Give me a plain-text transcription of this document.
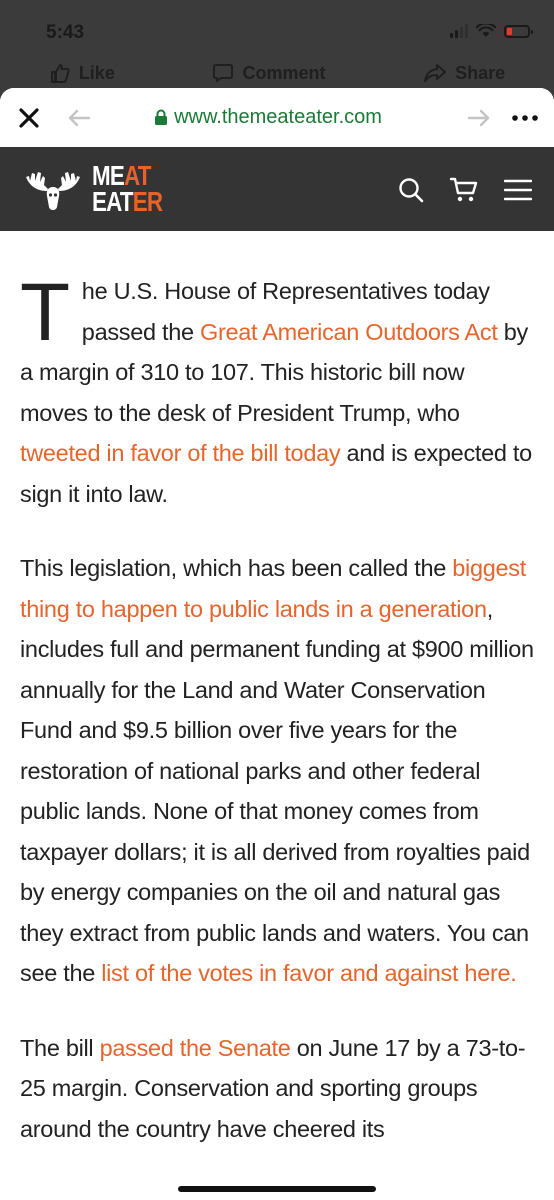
5:43
Like	Comment	Share
www.themeateater.com
MEAT
EATER

The U.S. House of Representatives today passed the Great American Outdoors Act by a margin of 310 to 107. This historic bill now moves to the desk of President Trump, who tweeted in favor of the bill today and is expected to sign it into law.

This legislation, which has been called the biggest thing to happen to public lands in a generation, includes full and permanent funding at $900 million annually for the Land and Water Conservation Fund and $9.5 billion over five years for the restoration of national parks and other federal public lands. None of that money comes from taxpayer dollars; it is all derived from royalties paid by energy companies on the oil and natural gas they extract from public lands and waters. You can see the list of the votes in favor and against here.

The bill passed the Senate on June 17 by a 73-to-25 margin. Conservation and sporting groups around the country have cheered its
